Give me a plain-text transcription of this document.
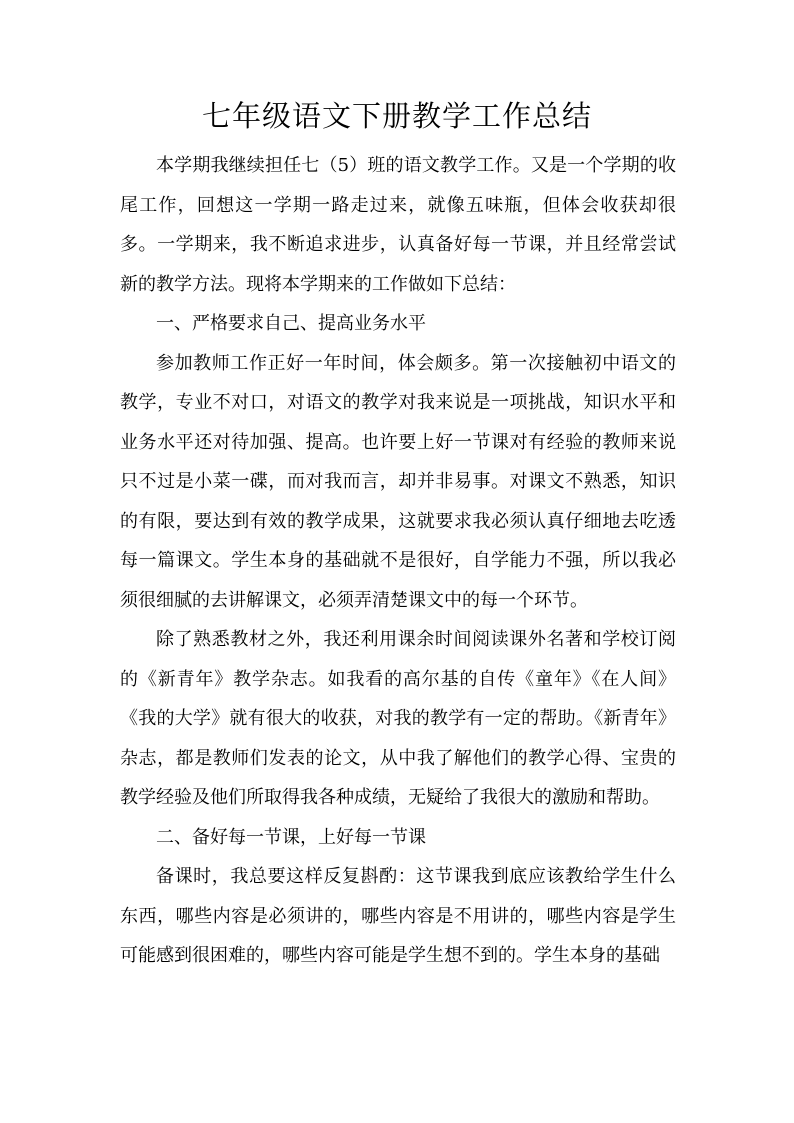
七年级语文下册教学工作总结

本学期我继续担任七（5）班的语文教学工作。又是一个学期的收尾工作，回想这一学期一路走过来，就像五味瓶，但体会收获却很多。一学期来，我不断追求进步，认真备好每一节课，并且经常尝试新的教学方法。现将本学期来的工作做如下总结：

一、严格要求自己、提高业务水平

参加教师工作正好一年时间，体会颇多。第一次接触初中语文的教学，专业不对口，对语文的教学对我来说是一项挑战，知识水平和业务水平还对待加强、提高。也许要上好一节课对有经验的教师来说只不过是小菜一碟，而对我而言，却并非易事。对课文不熟悉，知识的有限，要达到有效的教学成果，这就要求我必须认真仔细地去吃透每一篇课文。学生本身的基础就不是很好，自学能力不强，所以我必须很细腻的去讲解课文，必须弄清楚课文中的每一个环节。

除了熟悉教材之外，我还利用课余时间阅读课外名著和学校订阅的《新青年》教学杂志。如我看的高尔基的自传《童年》《在人间》《我的大学》就有很大的收获，对我的教学有一定的帮助。《新青年》杂志，都是教师们发表的论文，从中我了解他们的教学心得、宝贵的教学经验及他们所取得我各种成绩，无疑给了我很大的激励和帮助。

二、备好每一节课，上好每一节课

备课时，我总要这样反复斟酌：这节课我到底应该教给学生什么东西，哪些内容是必须讲的，哪些内容是不用讲的，哪些内容是学生可能感到很困难的，哪些内容可能是学生想不到的。学生本身的基础
